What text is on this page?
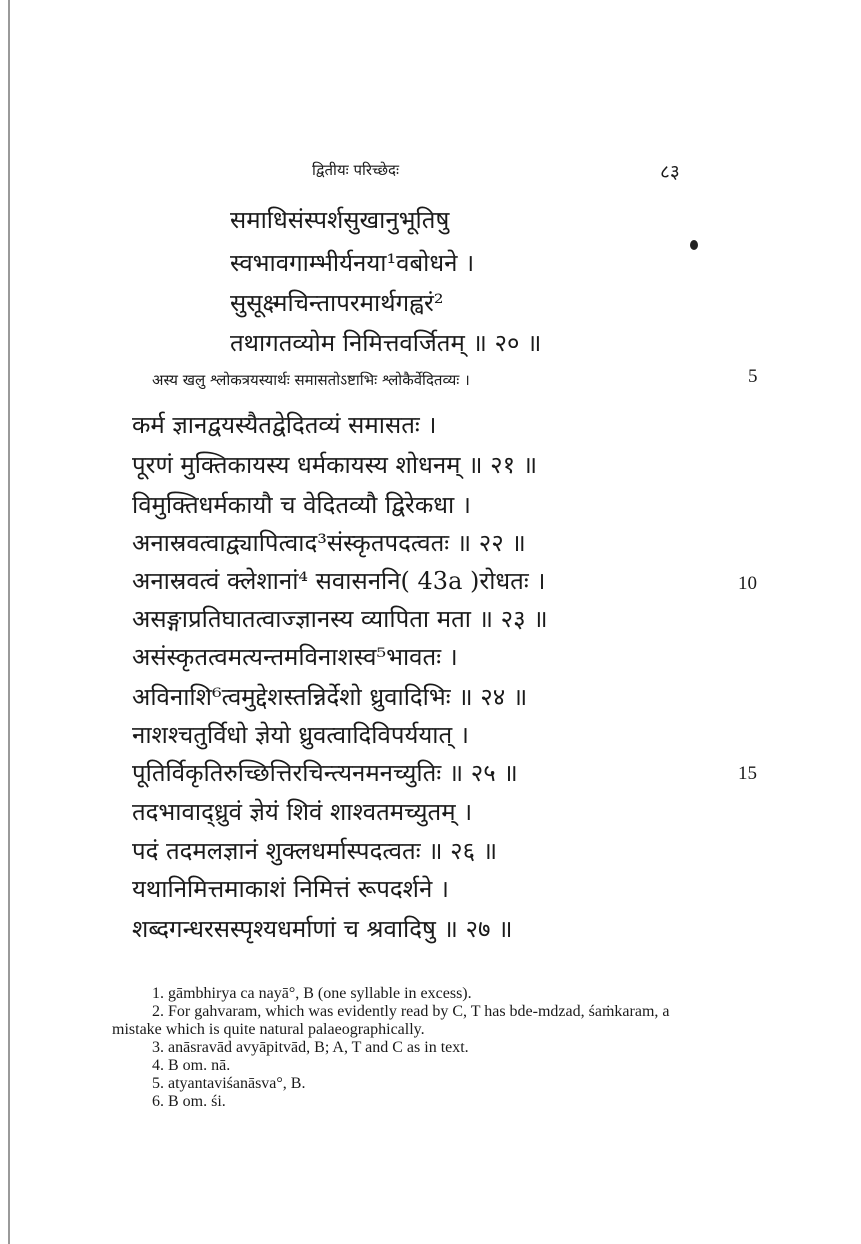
द्वितीयः परिच्छेदः	८३
समाधिसंस्पर्शसुखानुभूतिषु
स्वभावगाम्भीर्यनया¹वबोधने ।
सुसूक्ष्मचिन्तापरमार्थगह्वरं²
तथागतव्योम निमित्तवर्जितम् ॥ २० ॥
अस्य खलु श्लोकत्रयस्यार्थः समासतोऽष्टाभिः श्लोकैर्वेदितव्यः ।
कर्म ज्ञानद्वयस्यैतद्वेदितव्यं समासतः ।
पूरणं मुक्तिकायस्य धर्मकायस्य शोधनम् ॥ २१ ॥
विमुक्तिधर्मकायौ च वेदितव्यौ द्विरेकधा ।
अनास्रवत्वाद्व्यापित्वाद³संस्कृतपदत्वतः ॥ २२ ॥
अनास्रवत्वं क्लेशानां⁴ सवासननि( 43a )रोधतः ।
असङ्गाप्रतिघातत्वाज्ज्ञानस्य व्यापिता मता ॥ २३ ॥
असंस्कृतत्वमत्यन्तमविनाशस्व⁵भावतः ।
अविनाशि⁶त्वमुद्देशस्तन्निर्देशो ध्रुवादिभिः ॥ २४ ॥
नाशश्चतुर्विधो ज्ञेयो ध्रुवत्वादिविपर्ययात् ।
पूतिर्विकृतिरुच्छित्तिरचिन्त्यनमनच्युतिः ॥ २५ ॥
तदभावाद्ध्रुवं ज्ञेयं शिवं शाश्वतमच्युतम् ।
पदं तदमलज्ञानं शुक्लधर्मास्पदत्वतः ॥ २६ ॥
यथानिमित्तमाकाशं निमित्तं रूपदर्शने ।
शब्दगन्धरसस्पृश्यधर्माणां च श्रवादिषु ॥ २७ ॥
5
10
15

1. gāmbhirya ca nayā°, B (one syllable in excess).

2. For gahvaram, which was evidently read by C, T has bde-mdzad, śaṁkaram, a mistake which is quite natural palaeographically.

3. anāsravād avyāpitvād, B; A, T and C as in text.

4. B om. nā.

5. atyantaviśanāsva°, B.

6. B om. śi.
